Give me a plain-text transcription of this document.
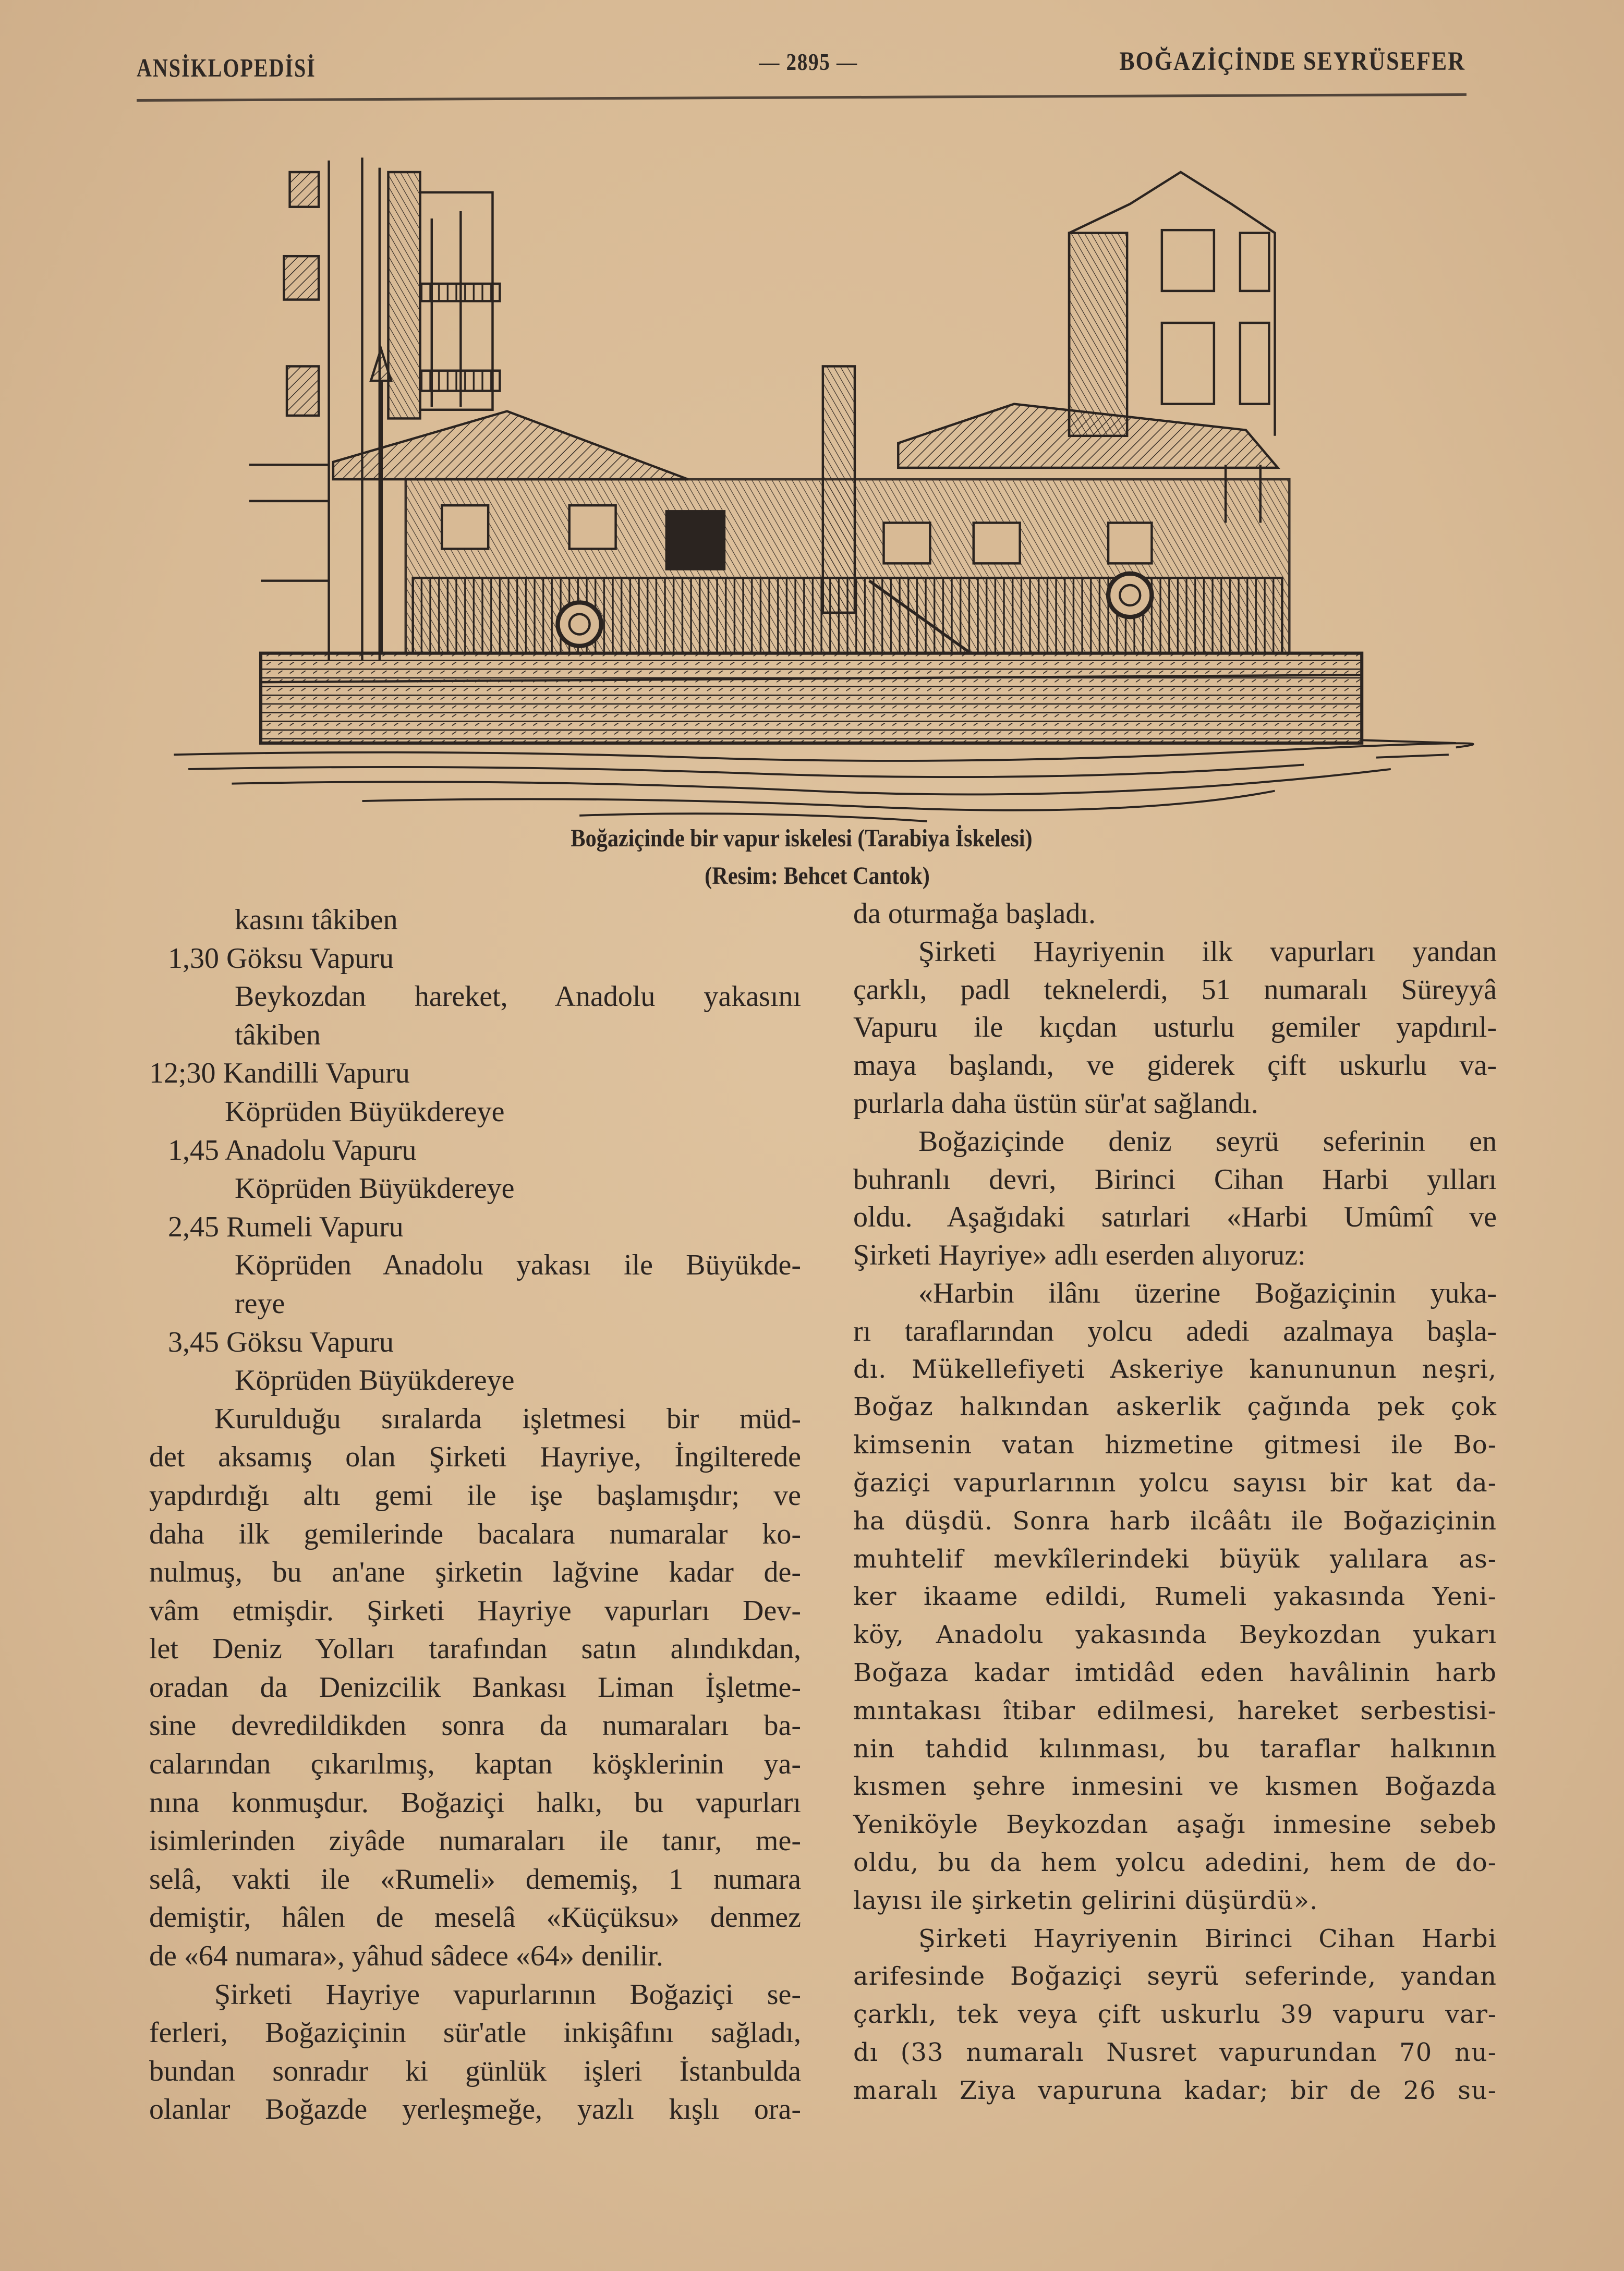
ANSİKLOPEDİSİ	— 2895 —	BOĞAZİÇİNDE SEYRÜSEFER
Boğaziçinde bir vapur iskelesi (Tarabiya İskelesi)
(Resim: Behcet Cantok)
kasını tâkiben
1,30 Göksu Vapuru
Beykozdan hareket, Anadolu yakasını
tâkiben
12;30 Kandilli Vapuru
Köprüden Büyükdereye
1,45 Anadolu Vapuru
Köprüden Büyükdereye
2,45 Rumeli Vapuru
Köprüden Anadolu yakası ile Büyükde-
reye
3,45 Göksu Vapuru
Köprüden Büyükdereye
Kurulduğu sıralarda işletmesi bir müd-
det aksamış olan Şirketi Hayriye, İngilterede
yapdırdığı altı gemi ile işe başlamışdır; ve
daha ilk gemilerinde bacalara numaralar ko-
nulmuş, bu an'ane şirketin lağvine kadar de-
vâm etmişdir. Şirketi Hayriye vapurları Dev-
let Deniz Yolları tarafından satın alındıkdan,
oradan da Denizcilik Bankası Liman İşletme-
sine devredildikden sonra da numaraları ba-
calarından çıkarılmış, kaptan köşklerinin ya-
nına konmuşdur. Boğaziçi halkı, bu vapurları
isimlerinden ziyâde numaraları ile tanır, me-
selâ, vakti ile «Rumeli» dememiş, 1 numara
demiştir, hâlen de meselâ «Küçüksu» denmez
de «64 numara», yâhud sâdece «64» denilir.
Şirketi Hayriye vapurlarının Boğaziçi se-
ferleri, Boğaziçinin sür'atle inkişâfını sağladı,
bundan sonradır ki günlük işleri İstanbulda
olanlar Boğazde yerleşmeğe, yazlı kışlı ora-
da oturmağa başladı.
Şirketi Hayriyenin ilk vapurları yandan
çarklı, padl teknelerdi, 51 numaralı Süreyyâ
Vapuru ile kıçdan usturlu gemiler yapdırıl-
maya başlandı, ve giderek çift uskurlu va-
purlarla daha üstün sür'at sağlandı.
Boğaziçinde deniz seyrü seferinin en
buhranlı devri, Birinci Cihan Harbi yılları
oldu. Aşağıdaki satırlari «Harbi Umûmî ve
Şirketi Hayriye» adlı eserden alıyoruz:
«Harbin ilânı üzerine Boğaziçinin yuka-
rı taraflarından yolcu adedi azalmaya başla-
dı. Mükellefiyeti Askeriye kanununun neşri,
Boğaz halkından askerlik çağında pek çok
kimsenin vatan hizmetine gitmesi ile Bo-
ğaziçi vapurlarının yolcu sayısı bir kat da-
ha düşdü. Sonra harb ilcââtı ile Boğaziçinin
muhtelif mevkîlerindeki büyük yalılara as-
ker ikaame edildi, Rumeli yakasında Yeni-
köy, Anadolu yakasında Beykozdan yukarı
Boğaza kadar imtidâd eden havâlinin harb
mıntakası îtibar edilmesi, hareket serbestisi-
nin tahdid kılınması, bu taraflar halkının
kısmen şehre inmesini ve kısmen Boğazda
Yeniköyle Beykozdan aşağı inmesine sebeb
oldu, bu da hem yolcu adedini, hem de do-
layısı ile şirketin gelirini düşürdü».
Şirketi Hayriyenin Birinci Cihan Harbi
arifesinde Boğaziçi seyrü seferinde, yandan
çarklı, tek veya çift uskurlu 39 vapuru var-
dı (33 numaralı Nusret vapurundan 70 nu-
maralı Ziya vapuruna kadar; bir de 26 su-
